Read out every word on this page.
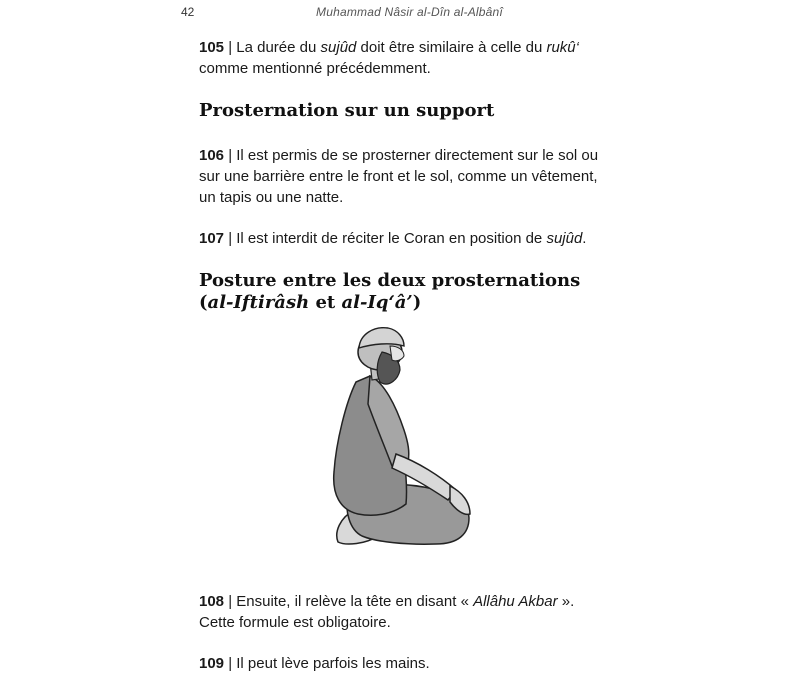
42	Muhammad Nâsir al-Dîn al-Albânî
105 | La durée du sujûd doit être similaire à celle du rukû‘ comme mentionné précédemment.
Prosternation sur un support
106 | Il est permis de se prosterner directement sur le sol ou sur une barrière entre le front et le sol, comme un vêtement, un tapis ou une natte.
107 | Il est interdit de réciter le Coran en position de sujûd.
Posture entre les deux prosternations
(al-Iftirâsh et al-Iq‘â’)
108 | Ensuite, il relève la tête en disant « Allâhu Akbar ». Cette formule est obligatoire.
109 | Il peut lève parfois les mains.
